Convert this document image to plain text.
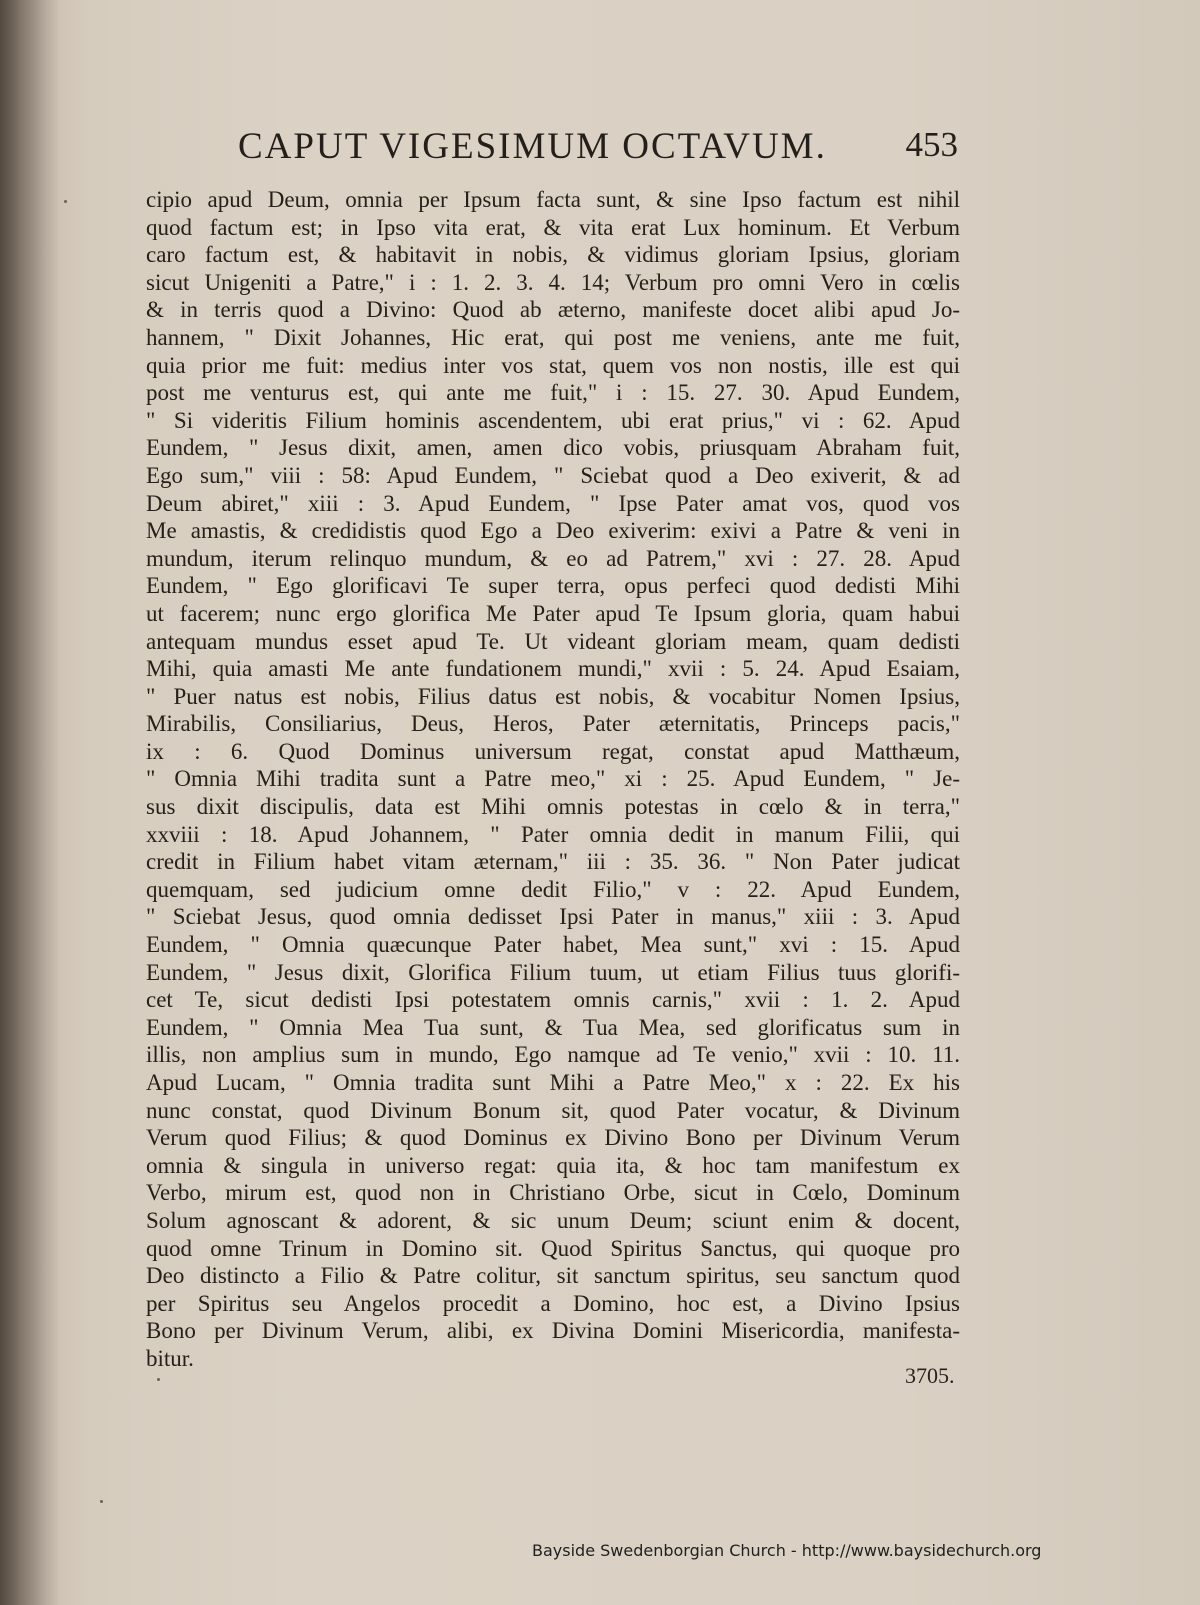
CAPUT VIGESIMUM OCTAVUM. 453
cipio apud Deum, omnia per Ipsum facta sunt, & sine Ipso factum est nihil
quod factum est; in Ipso vita erat, & vita erat Lux hominum. Et Verbum
caro factum est, & habitavit in nobis, & vidimus gloriam Ipsius, gloriam
sicut Unigeniti a Patre," i : 1. 2. 3. 4. 14; Verbum pro omni Vero in cœlis
& in terris quod a Divino: Quod ab æterno, manifeste docet alibi apud Jo-
hannem, " Dixit Johannes, Hic erat, qui post me veniens, ante me fuit,
quia prior me fuit: medius inter vos stat, quem vos non nostis, ille est qui
post me venturus est, qui ante me fuit," i : 15. 27. 30. Apud Eundem,
" Si videritis Filium hominis ascendentem, ubi erat prius," vi : 62. Apud
Eundem, " Jesus dixit, amen, amen dico vobis, priusquam Abraham fuit,
Ego sum," viii : 58: Apud Eundem, " Sciebat quod a Deo exiverit, & ad
Deum abiret," xiii : 3. Apud Eundem, " Ipse Pater amat vos, quod vos
Me amastis, & credidistis quod Ego a Deo exiverim: exivi a Patre & veni in
mundum, iterum relinquo mundum, & eo ad Patrem," xvi : 27. 28. Apud
Eundem, " Ego glorificavi Te super terra, opus perfeci quod dedisti Mihi
ut facerem; nunc ergo glorifica Me Pater apud Te Ipsum gloria, quam habui
antequam mundus esset apud Te. Ut videant gloriam meam, quam dedisti
Mihi, quia amasti Me ante fundationem mundi," xvii : 5. 24. Apud Esaiam,
" Puer natus est nobis, Filius datus est nobis, & vocabitur Nomen Ipsius,
Mirabilis, Consiliarius, Deus, Heros, Pater æternitatis, Princeps pacis,"
ix : 6. Quod Dominus universum regat, constat apud Matthæum,
" Omnia Mihi tradita sunt a Patre meo," xi : 25. Apud Eundem, " Je-
sus dixit discipulis, data est Mihi omnis potestas in cœlo & in terra,"
xxviii : 18. Apud Johannem, " Pater omnia dedit in manum Filii, qui
credit in Filium habet vitam æternam," iii : 35. 36. " Non Pater judicat
quemquam, sed judicium omne dedit Filio," v : 22. Apud Eundem,
" Sciebat Jesus, quod omnia dedisset Ipsi Pater in manus," xiii : 3. Apud
Eundem, " Omnia quæcunque Pater habet, Mea sunt," xvi : 15. Apud
Eundem, " Jesus dixit, Glorifica Filium tuum, ut etiam Filius tuus glorifi-
cet Te, sicut dedisti Ipsi potestatem omnis carnis," xvii : 1. 2. Apud
Eundem, " Omnia Mea Tua sunt, & Tua Mea, sed glorificatus sum in
illis, non amplius sum in mundo, Ego namque ad Te venio," xvii : 10. 11.
Apud Lucam, " Omnia tradita sunt Mihi a Patre Meo," x : 22. Ex his
nunc constat, quod Divinum Bonum sit, quod Pater vocatur, & Divinum
Verum quod Filius; & quod Dominus ex Divino Bono per Divinum Verum
omnia & singula in universo regat: quia ita, & hoc tam manifestum ex
Verbo, mirum est, quod non in Christiano Orbe, sicut in Cœlo, Dominum
Solum agnoscant & adorent, & sic unum Deum; sciunt enim & docent,
quod omne Trinum in Domino sit. Quod Spiritus Sanctus, qui quoque pro
Deo distincto a Filio & Patre colitur, sit sanctum spiritus, seu sanctum quod
per Spiritus seu Angelos procedit a Domino, hoc est, a Divino Ipsius
Bono per Divinum Verum, alibi, ex Divina Domini Misericordia, manifesta-
bitur.
3705.
Bayside Swedenborgian Church - http://www.baysidechurch.org
